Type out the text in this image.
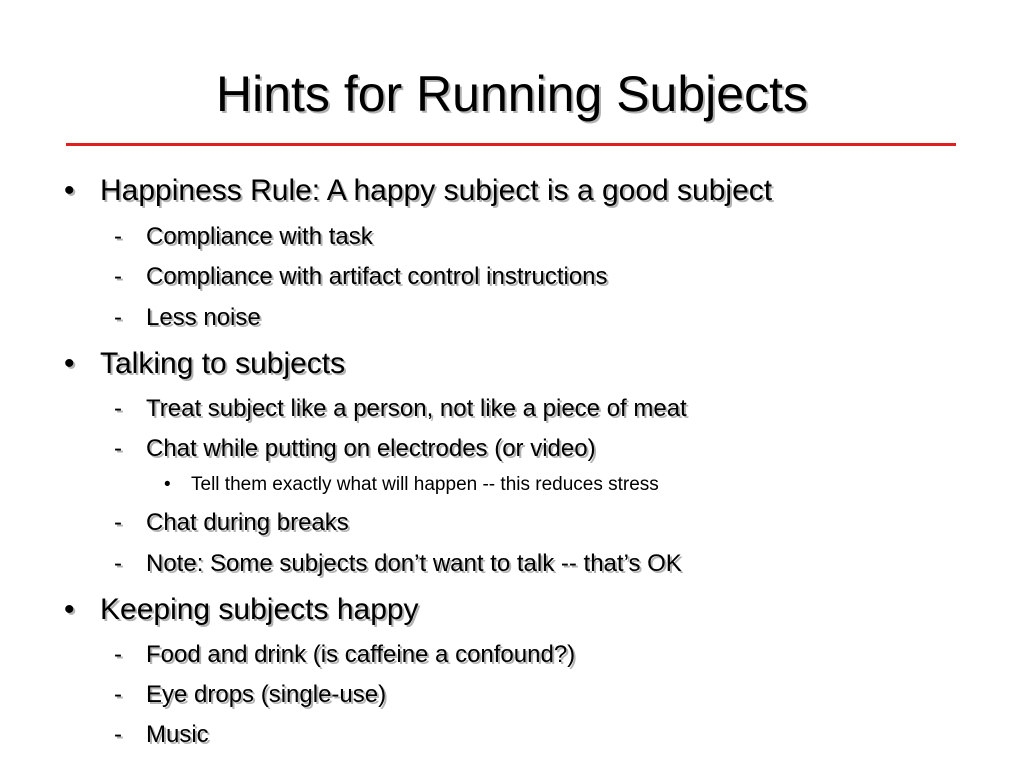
Hints for Running Subjects
• Happiness Rule: A happy subject is a good subject
- Compliance with task
- Compliance with artifact control instructions
- Less noise
• Talking to subjects
- Treat subject like a person, not like a piece of meat
- Chat while putting on electrodes (or video)
• Tell them exactly what will happen -- this reduces stress
- Chat during breaks
- Note: Some subjects don’t want to talk -- that’s OK
• Keeping subjects happy
- Food and drink (is caffeine a confound?)
- Eye drops (single-use)
- Music
